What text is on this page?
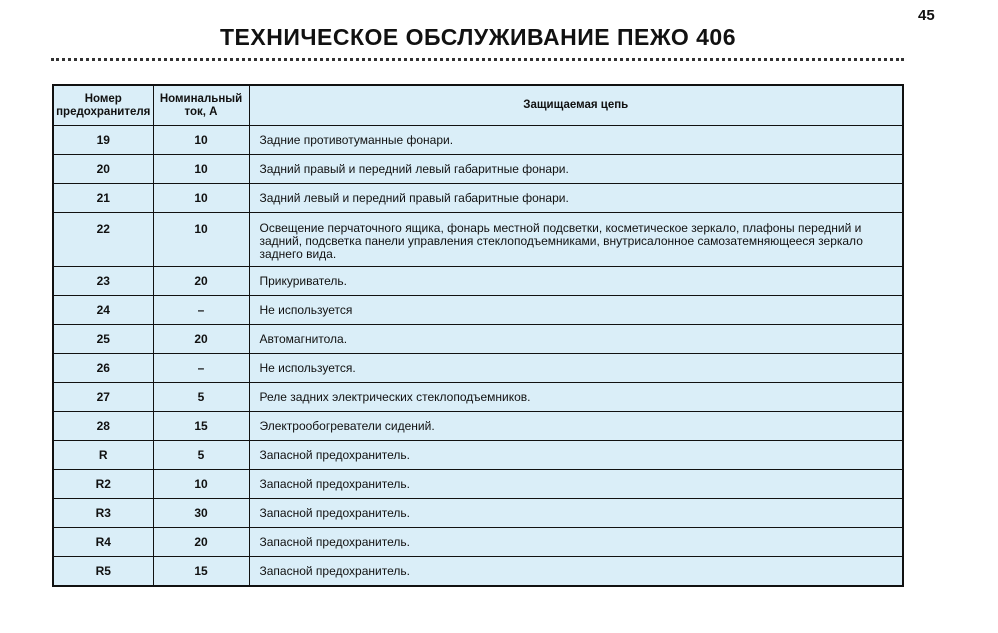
45
ТЕХНИЧЕСКОЕ ОБСЛУЖИВАНИЕ ПЕЖО 406
Номер предохранителя	Номинальный ток, А	Защищаемая цепь
19	10	Задние противотуманные фонари.
20	10	Задний правый и передний левый габаритные фонари.
21	10	Задний левый и передний правый габаритные фонари.
22	10	Освещение перчаточного ящика, фонарь местной подсветки, косметическое зеркало, плафоны передний и задний, подсветка панели управления стеклоподъемниками, внутрисалонное самозатемняющееся зеркало заднего вида.
23	20	Прикуриватель.
24	–	Не используется
25	20	Автомагнитола.
26	–	Не используется.
27	5	Реле задних электрических стеклоподъемников.
28	15	Электрообогреватели сидений.
R	5	Запасной предохранитель.
R2	10	Запасной предохранитель.
R3	30	Запасной предохранитель.
R4	20	Запасной предохранитель.
R5	15	Запасной предохранитель.
